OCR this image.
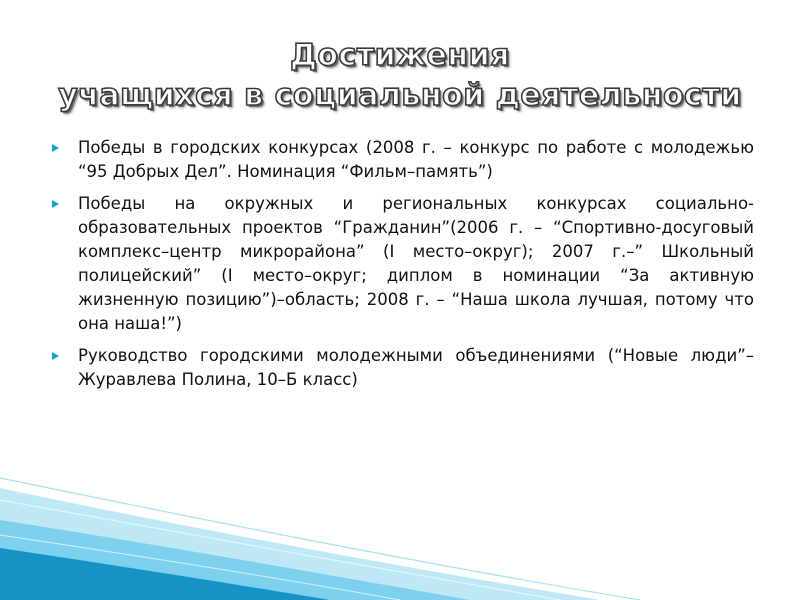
Достижения
учащихся в социальной деятельности
Победы в городских конкурсах (2008 г. – конкурс по работе с молодежью “95 Добрых Дел”. Номинация “Фильм–память”)
Победы на окружных и региональных конкурсах социально-образовательных проектов “Гражданин”(2006 г. – “Спортивно-досуговый комплекс–центр микрорайона” (I место–округ); 2007 г.–” Школьный полицейский” (I место–округ; диплом в номинации “За активную жизненную позицию”)–область; 2008 г. – “Наша школа лучшая, потому что она наша!”)
Руководство городскими молодежными объединениями (“Новые люди”– Журавлева Полина, 10–Б класс)
